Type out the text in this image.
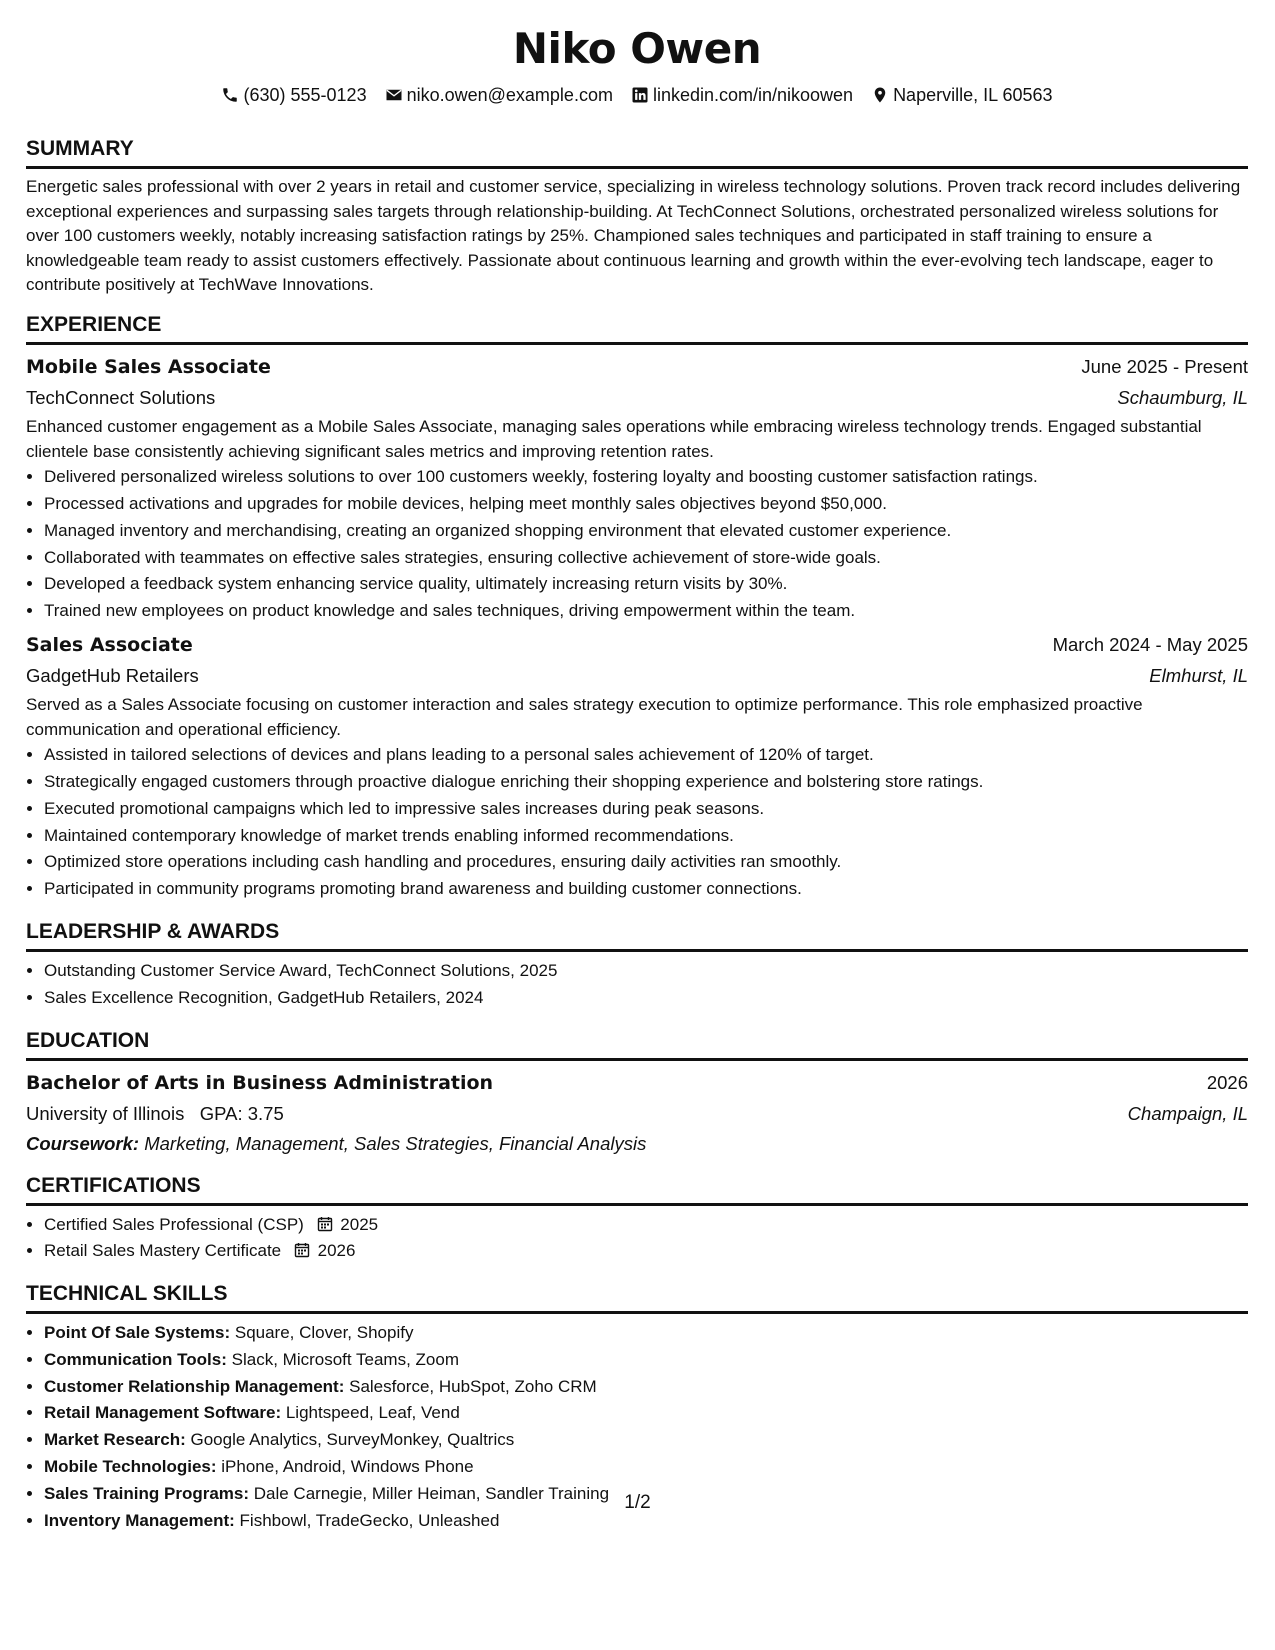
Niko Owen
(630) 555-0123 niko.owen@example.com linkedin.com/in/nikoowen Naperville, IL 60563
SUMMARY

Energetic sales professional with over 2 years in retail and customer service, specializing in wireless technology solutions. Proven track record includes delivering exceptional experiences and surpassing sales targets through relationship-building. At TechConnect Solutions, orchestrated personalized wireless solutions for over 100 customers weekly, notably increasing satisfaction ratings by 25%. Championed sales techniques and participated in staff training to ensure a knowledgeable team ready to assist customers effectively. Passionate about continuous learning and growth within the ever-evolving tech landscape, eager to contribute positively at TechWave Innovations.

EXPERIENCE
Mobile Sales Associate	June 2025 - Present
TechConnect Solutions	Schaumburg, IL

Enhanced customer engagement as a Mobile Sales Associate, managing sales operations while embracing wireless technology trends. Engaged substantial clientele base consistently achieving significant sales metrics and improving retention rates.

• Delivered personalized wireless solutions to over 100 customers weekly, fostering loyalty and boosting customer satisfaction ratings.
• Processed activations and upgrades for mobile devices, helping meet monthly sales objectives beyond $50,000.
• Managed inventory and merchandising, creating an organized shopping environment that elevated customer experience.
• Collaborated with teammates on effective sales strategies, ensuring collective achievement of store-wide goals.
• Developed a feedback system enhancing service quality, ultimately increasing return visits by 30%.
• Trained new employees on product knowledge and sales techniques, driving empowerment within the team.
Sales Associate	March 2024 - May 2025
GadgetHub Retailers	Elmhurst, IL

Served as a Sales Associate focusing on customer interaction and sales strategy execution to optimize performance. This role emphasized proactive communication and operational efficiency.

• Assisted in tailored selections of devices and plans leading to a personal sales achievement of 120% of target.
• Strategically engaged customers through proactive dialogue enriching their shopping experience and bolstering store ratings.
• Executed promotional campaigns which led to impressive sales increases during peak seasons.
• Maintained contemporary knowledge of market trends enabling informed recommendations.
• Optimized store operations including cash handling and procedures, ensuring daily activities ran smoothly.
• Participated in community programs promoting brand awareness and building customer connections.
LEADERSHIP & AWARDS
• Outstanding Customer Service Award, TechConnect Solutions, 2025
• Sales Excellence Recognition, GadgetHub Retailers, 2024
EDUCATION
Bachelor of Arts in Business Administration	2026
University of Illinois GPA: 3.75	Champaign, IL
Coursework: Marketing, Management, Sales Strategies, Financial Analysis
CERTIFICATIONS
• Certified Sales Professional (CSP) 2025
• Retail Sales Mastery Certificate 2026
TECHNICAL SKILLS
• Point Of Sale Systems: Square, Clover, Shopify
• Communication Tools: Slack, Microsoft Teams, Zoom
• Customer Relationship Management: Salesforce, HubSpot, Zoho CRM
• Retail Management Software: Lightspeed, Leaf, Vend
• Market Research: Google Analytics, SurveyMonkey, Qualtrics
• Mobile Technologies: iPhone, Android, Windows Phone
• Sales Training Programs: Dale Carnegie, Miller Heiman, Sandler Training
• Inventory Management: Fishbowl, TradeGecko, Unleashed
1/2
